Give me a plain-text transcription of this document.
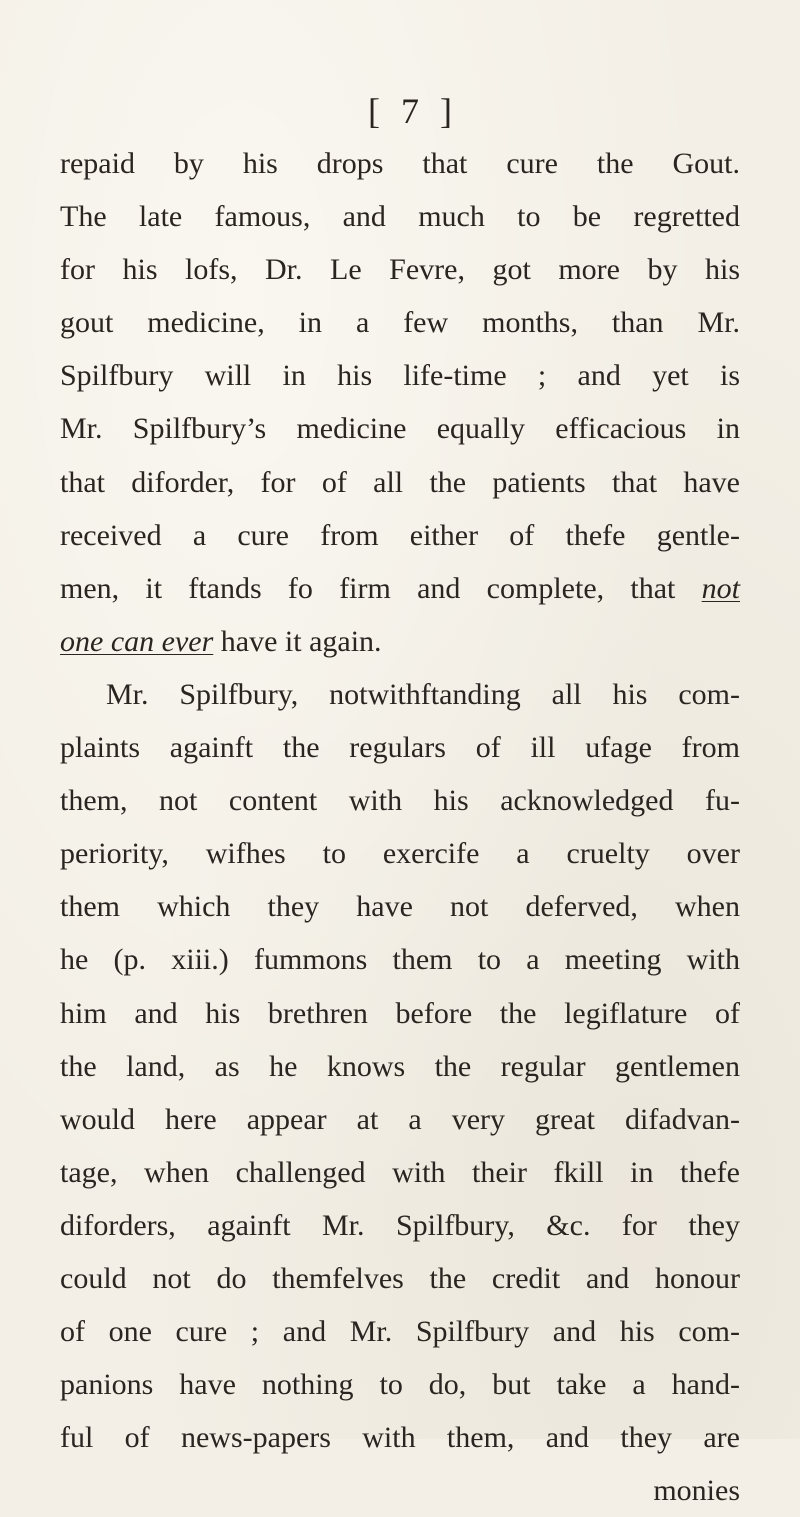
[ 7 ]
repaid by his drops that cure the Gout.
The late famous, and much to be regretted
for his lofs, Dr. Le Fevre, got more by his
gout medicine, in a few months, than Mr.
Spilfbury will in his life-time ; and yet is
Mr. Spilfbury’s medicine equally efficacious in
that diforder, for of all the patients that have
received a cure from either of thefe gentle-
men, it ftands fo firm and complete, that not
one can ever have it again.
Mr. Spilfbury, notwithftanding all his com-
plaints againft the regulars of ill ufage from
them, not content with his acknowledged fu-
periority, wifhes to exercife a cruelty over
them which they have not deferved, when
he (p. xiii.) fummons them to a meeting with
him and his brethren before the legiflature of
the land, as he knows the regular gentlemen
would here appear at a very great difadvan-
tage, when challenged with their fkill in thefe
diforders, againft Mr. Spilfbury, &c. for they
could not do themfelves the credit and honour
of one cure ; and Mr. Spilfbury and his com-
panions have nothing to do, but take a hand-
ful of news-papers with them, and they are
monies
